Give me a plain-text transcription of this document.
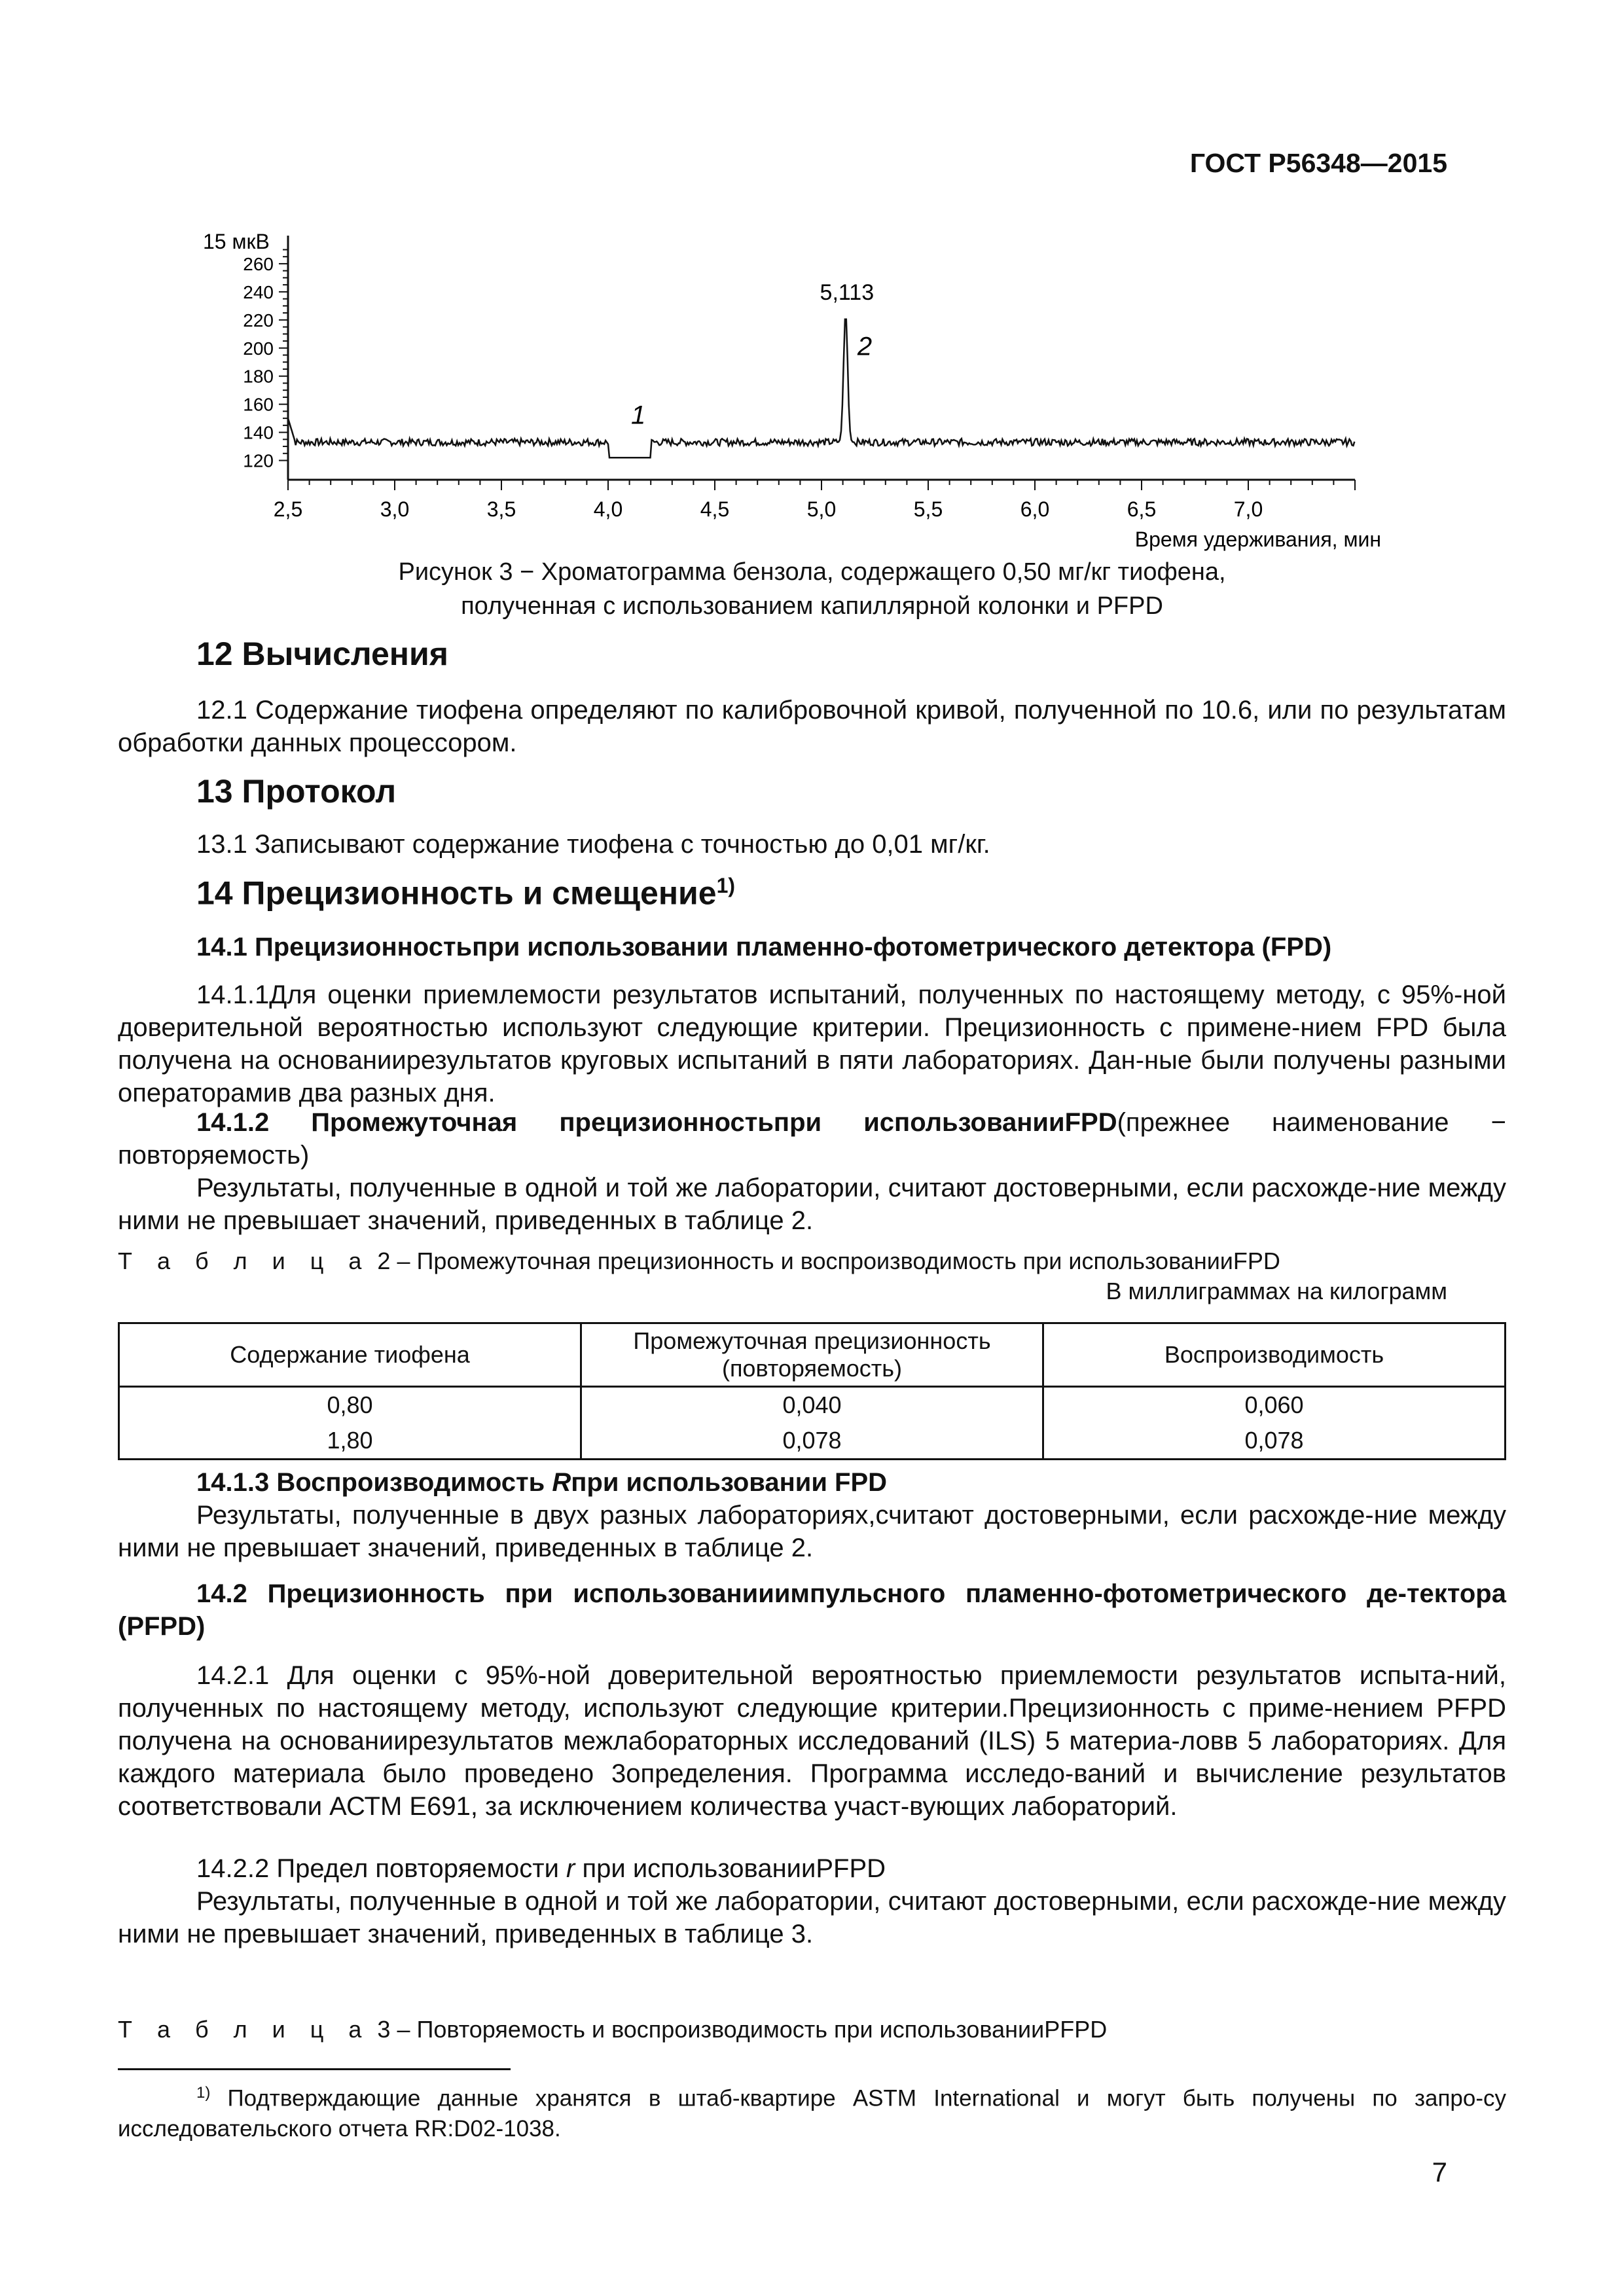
ГОСТ Р56348—2015
2,5	3,0	3,5	4,0	4,5	5,0	5,5	6,0	6,5	7,0
120
140
160
180
200
220
240
260
15 мкВ
Время удерживания, мин
5,113
1
2
Рисунок 3 − Хроматограмма бензола, содержащего 0,50 мг/кг тиофена,
полученная с использованием капиллярной колонки и PFPD
12 Вычисления
12.1 Содержание тиофена определяют по калибровочной кривой, полученной по 10.6, или по результатам обработки данных процессором.
13 Протокол
13.1 Записывают содержание тиофена с точностью до 0,01 мг/кг.
14 Прецизионность и смещение$^{1)}$
14.1 Прецизионностьпри использовании пламенно-фотометрического детектора (FPD)
14.1.1Для оценки приемлемости результатов испытаний, полученных по настоящему методу, с 95%-ной доверительной вероятностью используют следующие критерии. Прецизионность с примене-нием FPD была получена на основаниирезультатов круговых испытаний в пяти лабораториях. Дан-ные были получены разными операторамив два разных дня.
14.1.2 Промежуточная прецизионностьпри использованииFPD(прежнее наименование − повторяемость)
Результаты, полученные в одной и той же лаборатории, считают достоверными, если расхожде-ние между ними не превышает значений, приведенных в таблице 2.
Т а б л и ц а 2 – Промежуточная прецизионность и воспроизводимость при использованииFPD
В миллиграммах на килограмм
Содержание тиофена	Промежуточная прецизионность (повторяемость)	Воспроизводимость
0,80	0,040	0,060
1,80	0,078	0,078
14.1.3 Воспроизводимость Rпри использовании FPD
Результаты, полученные в двух разных лабораториях,считают достоверными, если расхожде-ние между ними не превышает значений, приведенных в таблице 2.
14.2 Прецизионность при использованииимпульсного пламенно-фотометрического де-тектора (PFPD)
14.2.1 Для оценки с 95%-ной доверительной вероятностью приемлемости результатов испыта-ний, полученных по настоящему методу, используют следующие критерии.Прецизионность с приме-нением PFPD получена на основаниирезультатов межлабораторных исследований (ILS) 5 материа-ловв 5 лабораториях. Для каждого материала было проведено 3определения. Программа исследо-ваний и вычисление результатов соответствовали АСТМ Е691, за исключением количества участ-вующих лабораторий.
14.2.2 Предел повторяемости r при использованииPFPD
Результаты, полученные в одной и той же лаборатории, считают достоверными, если расхожде-ние между ними не превышает значений, приведенных в таблице 3.
Т а б л и ц а 3 – Повторяемость и воспроизводимость при использованииPFPD
$^{1)}$ Подтверждающие данные хранятся в штаб-квартире ASTM International и могут быть получены по запро-су исследовательского отчета RR:D02-1038.
7
